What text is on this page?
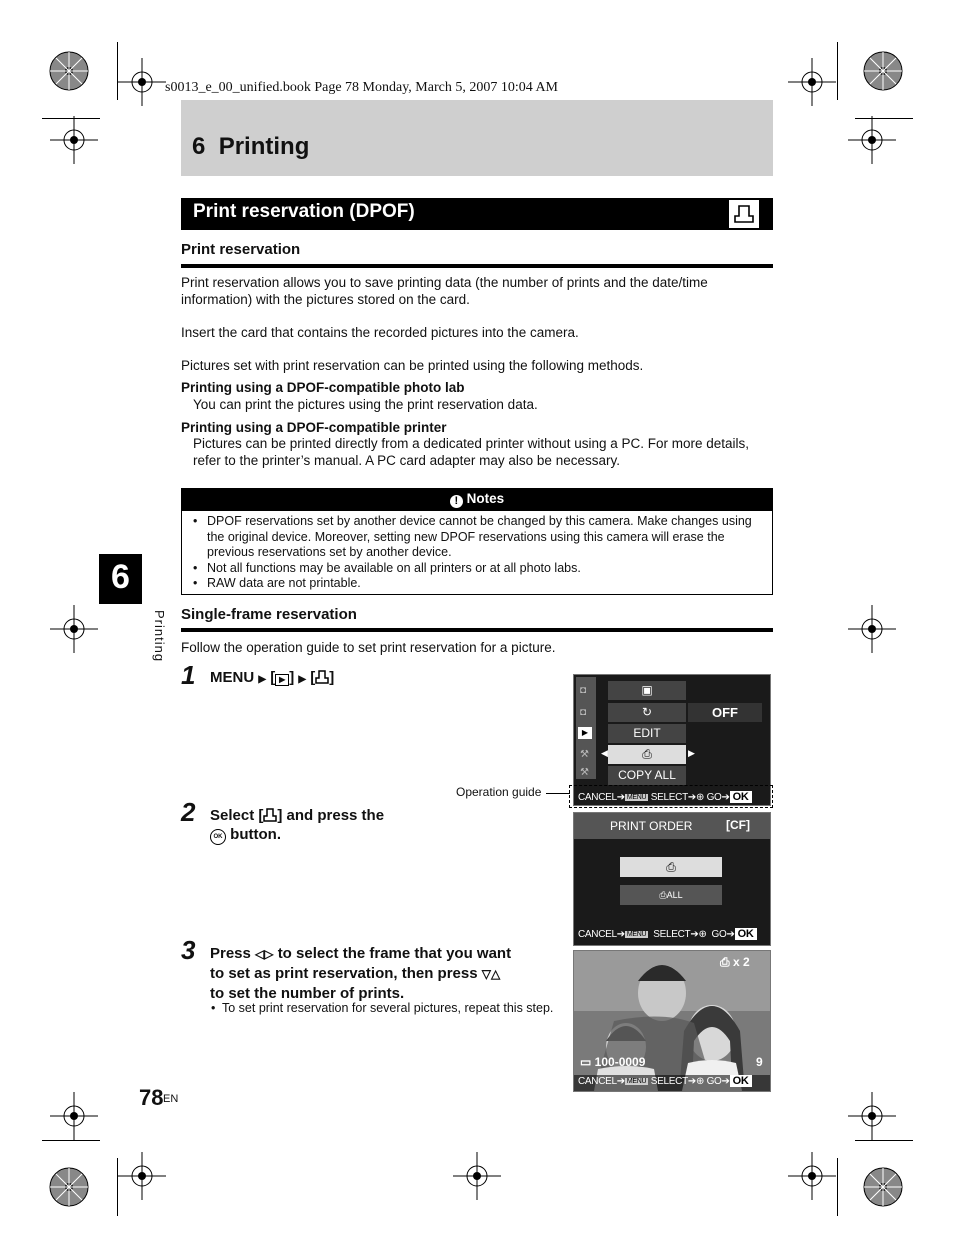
s0013_e_00_unified.book Page 78 Monday, March 5, 2007 10:04 AM
6 Printing
Print reservation (DPOF)
Print reservation
Print reservation allows you to save printing data (the number of prints and the date/time information) with the pictures stored on the card.
Insert the card that contains the recorded pictures into the camera.
Pictures set with print reservation can be printed using the following methods.
Printing using a DPOF-compatible photo lab
You can print the pictures using the print reservation data.
Printing using a DPOF-compatible printer
Pictures can be printed directly from a dedicated printer without using a PC. For more details, refer to the printer’s manual. A PC card adapter may also be necessary.
! Notes
• DPOF reservations set by another device cannot be changed by this camera. Make changes using the original device. Moreover, setting new DPOF reservations using this camera will erase the previous reservations set by another device.
• Not all functions may be available on all printers or at all photo labs.
• RAW data are not printable.
6
Printing Single-frame reservation
Follow the operation guide to set print reservation for a picture.
1 MENU ▶ [ ▶ ] ▶ [ ]
◘
◘
▶
⚒
⚒
▣
↻
EDIT
⎙
COPY ALL
OFF
◀	▶
CANCEL➔ MENU SELECT➔⊕ GO➔ OK
Operation guide
2 Select [ ] and press the
OK button.	PRINT ORDER	[CF]
⎙
⎙ALL
CANCEL➔ MENU SELECT➔⊕ GO➔ OK
3 Press ◁▷ to select the frame that you want
to set as print reservation, then press ▽△
to set the number of prints.
• To set print reservation for several pictures, repeat this step.
⎙ x 2
▭ 100-0009	9
CANCEL➔ MENU SELECT➔⊕ GO➔ OK
78 EN
